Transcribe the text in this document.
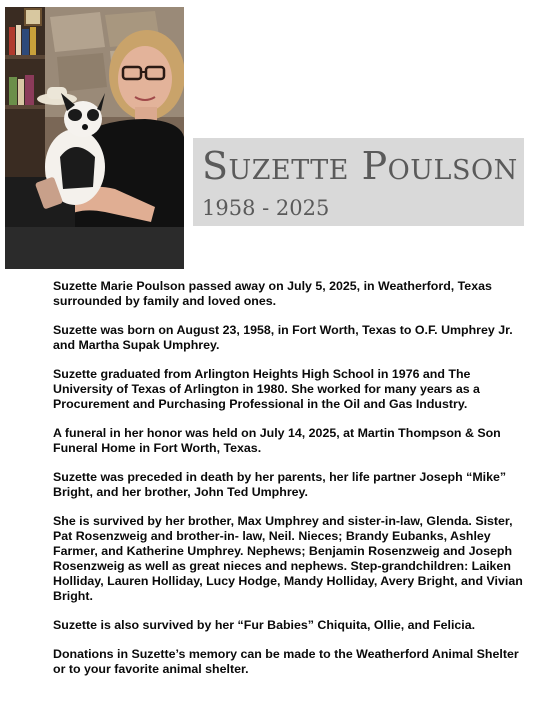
Suzette Poulson
1958 - 2025

Suzette Marie Poulson passed away on July 5, 2025, in Weatherford, Texas surrounded by family and loved ones.

Suzette was born on August 23, 1958, in Fort Worth, Texas to O.F. Umphrey Jr. and Martha Supak Umphrey.

Suzette graduated from Arlington Heights High School in 1976 and The University of Texas of Arlington in 1980. She worked for many years as a Procurement and Purchasing Professional in the Oil and Gas Industry.

A funeral in her honor was held on July 14, 2025, at Martin Thompson & Son Funeral Home in Fort Worth, Texas.

Suzette was preceded in death by her parents, her life partner Joseph “Mike” Bright, and her brother, John Ted Umphrey.

She is survived by her brother, Max Umphrey and sister-in-law, Glenda. Sister, Pat Rosenzweig and brother-in- law, Neil. Nieces; Brandy Eubanks, Ashley Farmer, and Katherine Umphrey. Nephews; Benjamin Rosenzweig and Joseph Rosenzweig as well as great nieces and nephews. Step-grandchildren: Laiken Holliday, Lauren Holliday, Lucy Hodge, Mandy Holliday, Avery Bright, and Vivian Bright.

Suzette is also survived by her “Fur Babies” Chiquita, Ollie, and Felicia.

Donations in Suzette’s memory can be made to the Weatherford Animal Shelter or to your favorite animal shelter.
